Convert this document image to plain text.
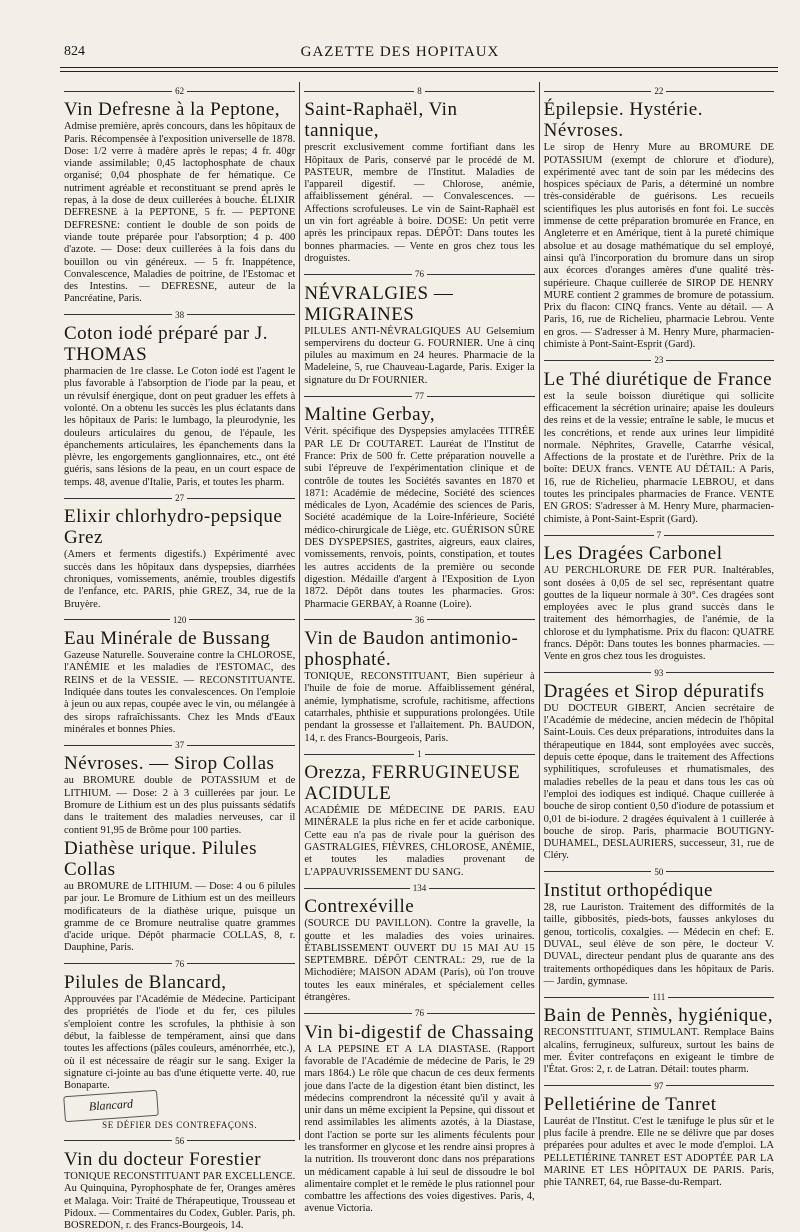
824	GAZETTE DES HOPITAUX
62
Vin Defresne à la Peptone,

Admise première, après concours, dans les hôpitaux de Paris. Récompensée à l'exposition universelle de 1878. Dose: 1/2 verre à madère après le repas; 4 fr. 40gr viande assimilable; 0,45 lactophosphate de chaux organisé; 0,04 phosphate de fer hématique. Ce nutriment agréable et reconstituant se prend après le repas, à la dose de deux cuillerées à bouche. ÉLIXIR DEFRESNE à la PEPTONE, 5 fr. — PEPTONE DEFRESNE: contient le double de son poids de viande toute préparée pour l'absorption; 4 p. 400 d'azote. — Dose: deux cuillerées à la fois dans du bouillon ou vin généreux. — 5 fr. Inappétence, Convalescence, Maladies de poitrine, de l'Estomac et des Intestins. — DEFRESNE, auteur de la Pancréatine, Paris.

38
Coton iodé préparé par J. THOMAS

pharmacien de 1re classe. Le Coton iodé est l'agent le plus favorable à l'absorption de l'iode par la peau, et un révulsif énergique, dont on peut graduer les effets à volonté. On a obtenu les succès les plus éclatants dans les hôpitaux de Paris: le lumbago, la pleurodynie, les douleurs articulaires du genou, de l'épaule, les épanchements articulaires, les épanchements dans la plèvre, les engorgements ganglionnaires, etc., ont été guéris, sans lésions de la peau, en un court espace de temps. 48, avenue d'Italie, Paris, et toutes les pharm.

27
Elixir chlorhydro-pepsique Grez

(Amers et ferments digestifs.) Expérimenté avec succès dans les hôpitaux dans dyspepsies, diarrhées chroniques, vomissements, anémie, troubles digestifs de l'enfance, etc. PARIS, phie GREZ, 34, rue de la Bruyère.

120
Eau Minérale de Bussang

Gazeuse Naturelle. Souveraine contre la CHLOROSE, l'ANÉMIE et les maladies de l'ESTOMAC, des REINS et de la VESSIE. — RECONSTITUANTE. Indiquée dans toutes les convalescences. On l'emploie à jeun ou aux repas, coupée avec le vin, ou mélangée à des sirops rafraîchissants. Chez les Mnds d'Eaux minérales et bonnes Phies.

37
Névroses. — Sirop Collas

au BROMURE double de POTASSIUM et de LITHIUM. — Dose: 2 à 3 cuillerées par jour. Le Bromure de Lithium est un des plus puissants sédatifs dans le traitement des maladies nerveuses, car il contient 91,95 de Brôme pour 100 parties.

Diathèse urique. Pilules Collas

au BROMURE de LITHIUM. — Dose: 4 ou 6 pilules par jour. Le Bromure de Lithium est un des meilleurs modificateurs de la diathèse urique, puisque un gramme de ce Bromure neutralise quatre grammes d'acide urique. Dépôt pharmacie COLLAS, 8, r. Dauphine, Paris.

76
Pilules de Blancard,

Approuvées par l'Académie de Médecine. Participant des propriétés de l'iode et du fer, ces pilules s'emploient contre les scrofules, la phthisie à son début, la faiblesse de tempérament, ainsi que dans toutes les affections (pâles couleurs, aménorrhée, etc.), où il est nécessaire de réagir sur le sang. Exiger la signature ci-jointe au bas d'une étiquette verte. 40, rue Bonaparte.

Blancard
SE DÉFIER DES CONTREFAÇONS.
56
Vin du docteur Forestier

TONIQUE RECONSTITUANT PAR EXCELLENCE. Au Quinquina, Pyrophosphate de fer, Oranges amères et Malaga. Voir: Traité de Thérapeutique, Trousseau et Pidoux. — Commentaires du Codex, Gubler. Paris, ph. BOSREDON, r. des Francs-Bourgeois, 14.

8
Saint-Raphaël, Vin tannique,

prescrit exclusivement comme fortifiant dans les Hôpitaux de Paris, conservé par le procédé de M. PASTEUR, membre de l'Institut. Maladies de l'appareil digestif. — Chlorose, anémie, affaiblissement général. — Convalescences. — Affections scrofuleuses. Le vin de Saint-Raphaël est un vin fort agréable à boire. DOSE: Un petit verre après les principaux repas. DÉPÔT: Dans toutes les bonnes pharmacies. — Vente en gros chez tous les droguistes.

76
NÉVRALGIES — MIGRAINES

PILULES ANTI-NÉVRALGIQUES AU Gelsemium sempervirens du docteur G. FOURNIER. Une à cinq pilules au maximum en 24 heures. Pharmacie de la Madeleine, 5, rue Chauveau-Lagarde, Paris. Exiger la signature du Dr FOURNIER.

77
Maltine Gerbay,

Vérit. spécifique des Dyspepsies amylacées TITRÉE PAR LE Dr COUTARET. Lauréat de l'Institut de France: Prix de 500 fr. Cette préparation nouvelle a subi l'épreuve de l'expérimentation clinique et de contrôle de toutes les Sociétés savantes en 1870 et 1871: Académie de médecine, Société des sciences médicales de Lyon, Académie des sciences de Paris, Société académique de la Loire-Inférieure, Société médico-chirurgicale de Liège, etc. GUÉRISON SÛRE DES DYSPEPSIES, gastrites, aigreurs, eaux claires, vomissements, renvois, points, constipation, et toutes les autres accidents de la première ou seconde digestion. Médaille d'argent à l'Exposition de Lyon 1872. Dépôt dans toutes les pharmacies. Gros: Pharmacie GERBAY, à Roanne (Loire).

36
Vin de Baudon antimonio-phosphaté.

TONIQUE, RECONSTITUANT, Bien supérieur à l'huile de foie de morue. Affaiblissement général, anémie, lymphatisme, scrofule, rachitisme, affections catarrhales, phthisie et suppurations prolongées. Utile pendant la grossesse et l'allaitement. Ph. BAUDON, 14, r. des Francs-Bourgeois, Paris.

1
Orezza, FERRUGINEUSE ACIDULE

ACADÉMIE DE MÉDECINE DE PARIS. EAU MINÉRALE la plus riche en fer et acide carbonique. Cette eau n'a pas de rivale pour la guérison des GASTRALGIES, FIÈVRES, CHLOROSE, ANÉMIE, et toutes les maladies provenant de L'APPAUVRISSEMENT DU SANG.

134
Contrexéville

(SOURCE DU PAVILLON). Contre la gravelle, la goutte et les maladies des voies urinaires. ÉTABLISSEMENT OUVERT DU 15 MAI AU 15 SEPTEMBRE. DÉPÔT CENTRAL: 29, rue de la Michodière; MAISON ADAM (Paris), où l'on trouve toutes les eaux minérales, et spécialement celles étrangères.

76
Vin bi-digestif de Chassaing

A LA PEPSINE ET A LA DIASTASE. (Rapport favorable de l'Académie de médecine de Paris, le 29 mars 1864.) Le rôle que chacun de ces deux ferments joue dans l'acte de la digestion étant bien distinct, les médecins comprendront la nécessité qu'il y avait à unir dans un même excipient la Pepsine, qui dissout et rend assimilables les aliments azotés, à la Diastase, dont l'action se porte sur les aliments féculents pour les transformer en glycose et les rendre ainsi propres à la nutrition. Ils trouveront donc dans nos préparations un médicament capable à lui seul de dissoudre le bol alimentaire complet et le remède le plus rationnel pour combattre les affections des voies digestives. Paris, 4, avenue Victoria.

22
Épilepsie. Hystérie. Névroses.

Le sirop de Henry Mure au BROMURE DE POTASSIUM (exempt de chlorure et d'iodure), expérimenté avec tant de soin par les médecins des hospices spéciaux de Paris, a déterminé un nombre très-considérable de guérisons. Les recueils scientifiques les plus autorisés en font foi. Le succès immense de cette préparation bromurée en France, en Angleterre et en Amérique, tient à la pureté chimique absolue et au dosage mathématique du sel employé, ainsi qu'à l'incorporation du bromure dans un sirop aux écorces d'oranges amères d'une qualité très-supérieure. Chaque cuillerée de SIROP DE HENRY MURE contient 2 grammes de bromure de potassium. Prix du flacon: CINQ francs. Vente au détail. — A Paris, 16, rue de Richelieu, pharmacie Lebrou. Vente en gros. — S'adresser à M. Henry Mure, pharmacien-chimiste à Pont-Saint-Esprit (Gard).

23
Le Thé diurétique de France

est la seule boisson diurétique qui sollicite efficacement la sécrétion urinaire; apaise les douleurs des reins et de la vessie; entraîne le sable, le mucus et les concrétions, et rende aux urines leur limpidité normale. Néphrites, Gravelle, Catarrhe vésical, Affections de la prostate et de l'urèthre. Prix de la boîte: DEUX francs. VENTE AU DÉTAIL: A Paris, 16, rue de Richelieu, pharmacie LEBROU, et dans toutes les principales pharmacies de France. VENTE EN GROS: S'adresser à M. Henry Mure, pharmacien-chimiste, à Pont-Saint-Esprit (Gard).

7
Les Dragées Carbonel

AU PERCHLORURE DE FER PUR. Inaltérables, sont dosées à 0,05 de sel sec, représentant quatre gouttes de la liqueur normale à 30°. Ces dragées sont employées avec le plus grand succès dans le traitement des hémorrhagies, de l'anémie, de la chlorose et du lymphatisme. Prix du flacon: QUATRE francs. Dépôt: Dans toutes les bonnes pharmacies. — Vente en gros chez tous les droguistes.

93
Dragées et Sirop dépuratifs

DU DOCTEUR GIBERT, Ancien secrétaire de l'Académie de médecine, ancien médecin de l'hôpital Saint-Louis. Ces deux préparations, introduites dans la thérapeutique en 1844, sont employées avec succès, depuis cette époque, dans le traitement des Affections syphilitiques, scrofuleuses et rhumatismales, des maladies rebelles de la peau et dans tous les cas où l'emploi des iodiques est indiqué. Chaque cuillerée à bouche de sirop contient 0,50 d'iodure de potassium et 0,01 de bi-iodure. 2 dragées équivalent à 1 cuillerée à bouche de sirop. Paris, pharmacie BOUTIGNY-DUHAMEL, DESLAURIERS, successeur, 31, rue de Cléry.

50
Institut orthopédique

28, rue Lauriston. Traitement des difformités de la taille, gibbosités, pieds-bots, fausses ankyloses du genou, torticolis, coxalgies. — Médecin en chef: E. DUVAL, seul élève de son père, le docteur V. DUVAL, directeur pendant plus de quarante ans des traitements orthopédiques dans les hôpitaux de Paris. — Jardin, gymnase.

111
Bain de Pennès, hygiénique,

RECONSTITUANT, STIMULANT. Remplace Bains alcalins, ferrugineux, sulfureux, surtout les bains de mer. Éviter contrefaçons en exigeant le timbre de l'État. Gros: 2, r. de Latran. Détail: toutes pharm.

97
Pelletiérine de Tanret

Lauréat de l'Institut. C'est le tænifuge le plus sûr et le plus facile à prendre. Elle ne se délivre que par doses préparées pour adultes et avec le mode d'emploi. LA PELLETIÉRINE TANRET EST ADOPTÉE PAR LA MARINE ET LES HÔPITAUX DE PARIS. Paris, phie TANRET, 64, rue Basse-du-Rempart.
